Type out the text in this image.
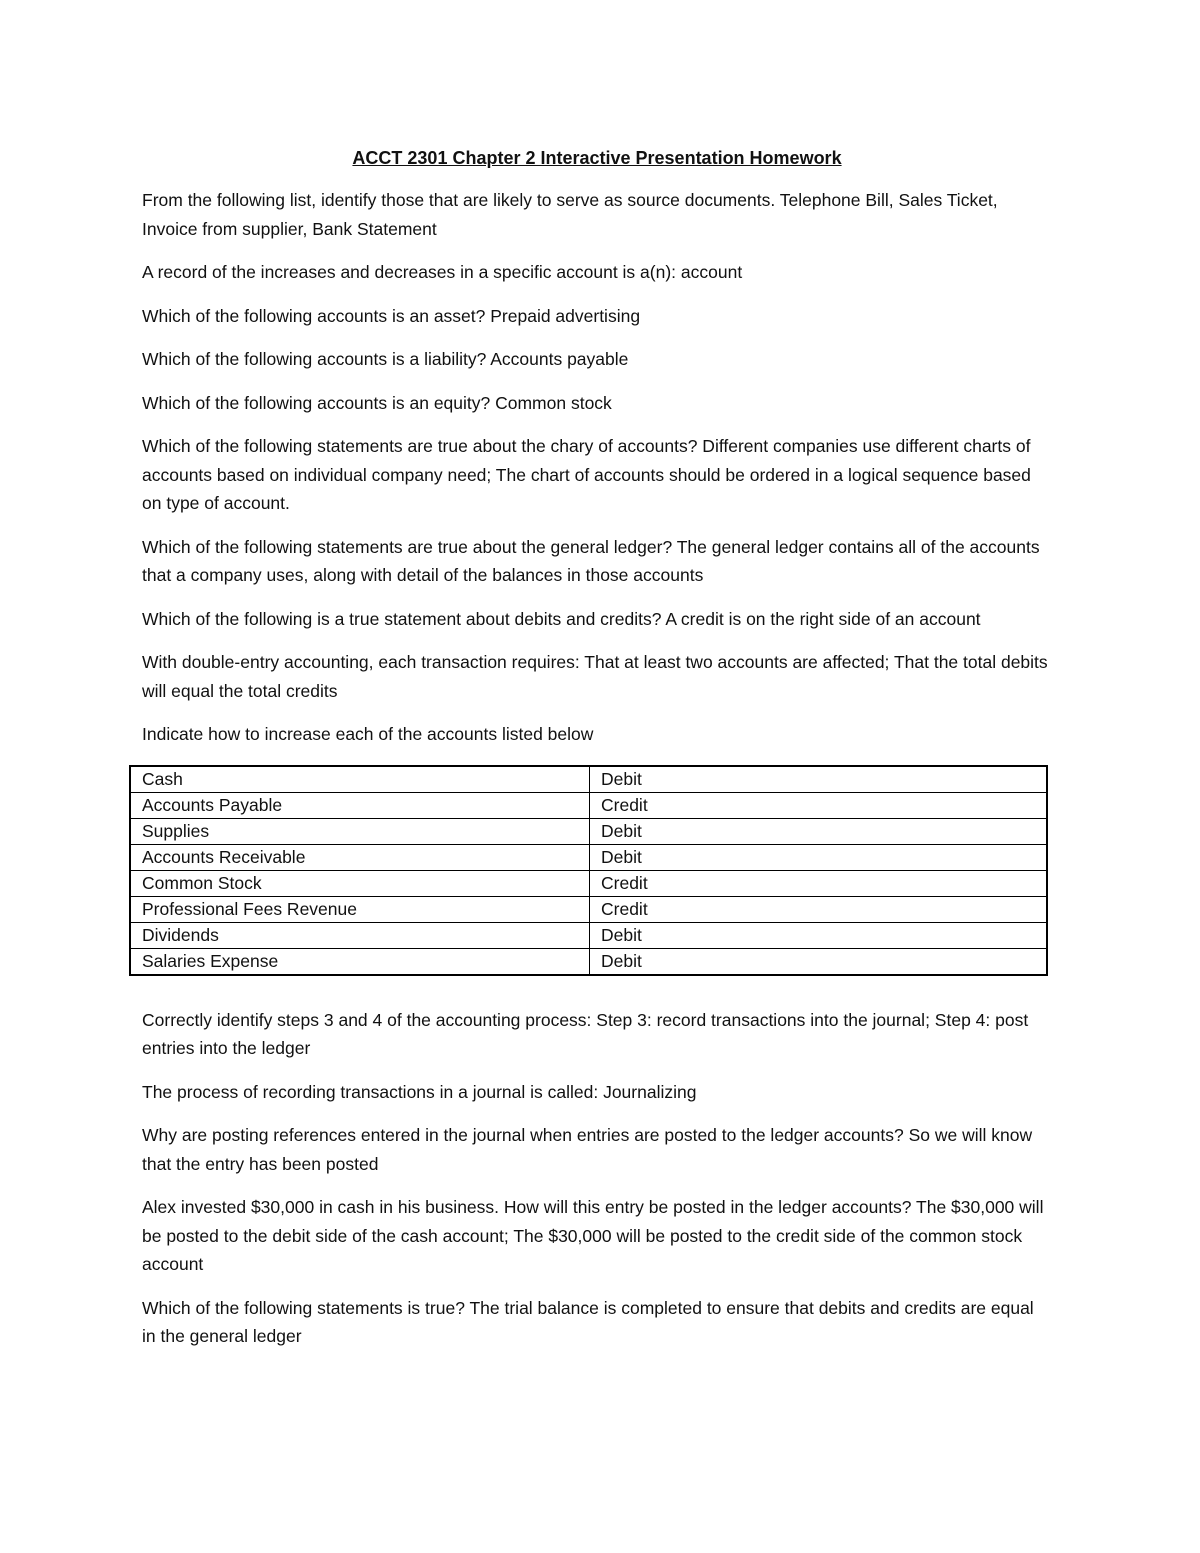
ACCT 2301 Chapter 2 Interactive Presentation Homework

From the following list, identify those that are likely to serve as source documents. Telephone Bill, Sales Ticket, Invoice from supplier, Bank Statement

A record of the increases and decreases in a specific account is a(n): account

Which of the following accounts is an asset? Prepaid advertising

Which of the following accounts is a liability? Accounts payable

Which of the following accounts is an equity? Common stock

Which of the following statements are true about the chary of accounts? Different companies use different charts of accounts based on individual company need; The chart of accounts should be ordered in a logical sequence based on type of account.

Which of the following statements are true about the general ledger? The general ledger contains all of the accounts that a company uses, along with detail of the balances in those accounts

Which of the following is a true statement about debits and credits? A credit is on the right side of an account

With double-entry accounting, each transaction requires: That at least two accounts are affected; That the total debits will equal the total credits

Indicate how to increase each of the accounts listed below

Cash	Debit
Accounts Payable	Credit
Supplies	Debit
Accounts Receivable	Debit
Common Stock	Credit
Professional Fees Revenue	Credit
Dividends	Debit
Salaries Expense	Debit

Correctly identify steps 3 and 4 of the accounting process: Step 3: record transactions into the journal; Step 4: post entries into the ledger

The process of recording transactions in a journal is called: Journalizing

Why are posting references entered in the journal when entries are posted to the ledger accounts? So we will know that the entry has been posted

Alex invested $30,000 in cash in his business. How will this entry be posted in the ledger accounts? The $30,000 will be posted to the debit side of the cash account; The $30,000 will be posted to the credit side of the common stock account

Which of the following statements is true? The trial balance is completed to ensure that debits and credits are equal in the general ledger
